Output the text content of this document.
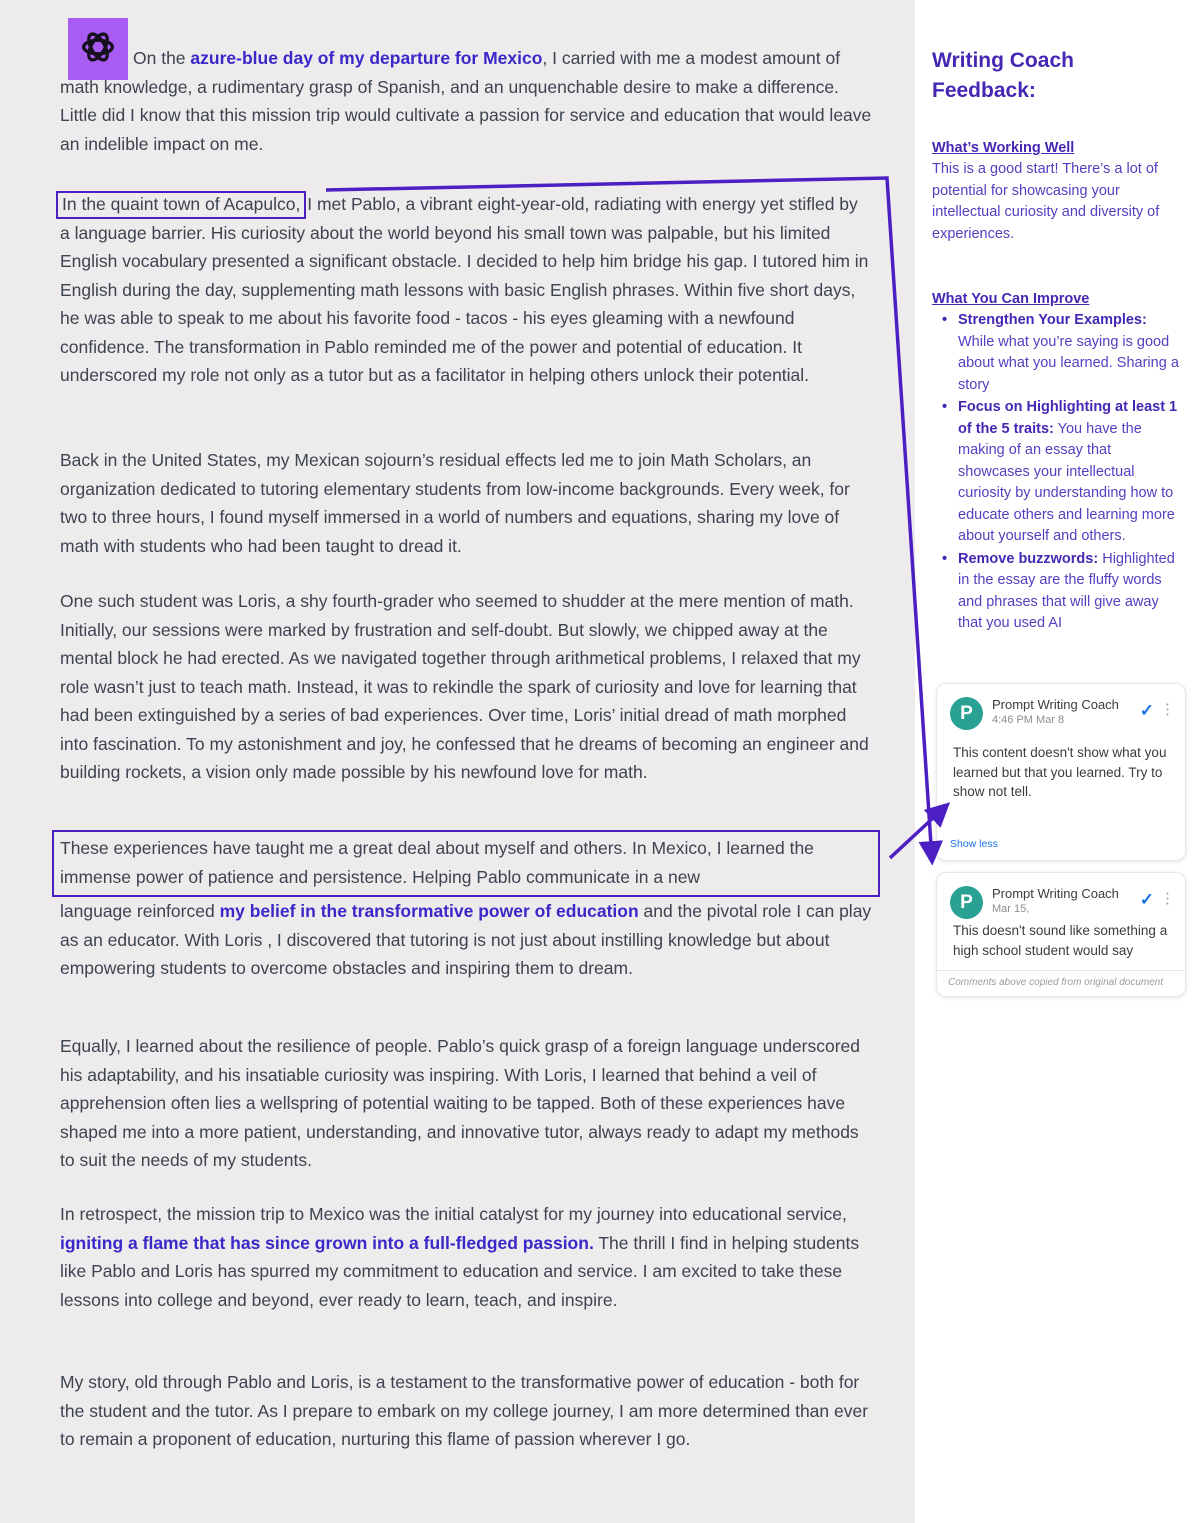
On the azure-blue day of my departure for Mexico, I carried with me a modest amount of math knowledge, a rudimentary grasp of Spanish, and an unquenchable desire to make a difference. Little did I know that this mission trip would cultivate a passion for service and education that would leave an indelible impact on me.
In the quaint town of Acapulco, I met Pablo, a vibrant eight-year-old, radiating with energy yet stifled by a language barrier. His curiosity about the world beyond his small town was palpable, but his limited English vocabulary presented a significant obstacle. I decided to help him bridge his gap. I tutored him in English during the day, supplementing math lessons with basic English phrases. Within five short days, he was able to speak to me about his favorite food - tacos - his eyes gleaming with a newfound confidence. The transformation in Pablo reminded me of the power and potential of education. It underscored my role not only as a tutor but as a facilitator in helping others unlock their potential.
Back in the United States, my Mexican sojourn’s residual effects led me to join Math Scholars, an organization dedicated to tutoring elementary students from low-income backgrounds. Every week, for two to three hours, I found myself immersed in a world of numbers and equations, sharing my love of math with students who had been taught to dread it.
One such student was Loris, a shy fourth-grader who seemed to shudder at the mere mention of math. Initially, our sessions were marked by frustration and self-doubt. But slowly, we chipped away at the mental block he had erected. As we navigated together through arithmetical problems, I relaxed that my role wasn’t just to teach math. Instead, it was to rekindle the spark of curiosity and love for learning that had been extinguished by a series of bad experiences. Over time, Loris’ initial dread of math morphed into fascination. To my astonishment and joy, he confessed that he dreams of becoming an engineer and building rockets, a vision only made possible by his newfound love for math.
These experiences have taught me a great deal about myself and others. In Mexico, I learned the immense power of patience and persistence. Helping Pablo communicate in a new
language reinforced my belief in the transformative power of education and the pivotal role I can play as an educator. With Loris , I discovered that tutoring is not just about instilling knowledge but about empowering students to overcome obstacles and inspiring them to dream.
Equally, I learned about the resilience of people. Pablo’s quick grasp of a foreign language underscored his adaptability, and his insatiable curiosity was inspiring. With Loris, I learned that behind a veil of apprehension often lies a wellspring of potential waiting to be tapped. Both of these experiences have shaped me into a more patient, understanding, and innovative tutor, always ready to adapt my methods to suit the needs of my students.
In retrospect, the mission trip to Mexico was the initial catalyst for my journey into educational service, igniting a flame that has since grown into a full-fledged passion. The thrill I find in helping students like Pablo and Loris has spurred my commitment to education and service. I am excited to take these lessons into college and beyond, ever ready to learn, teach, and inspire.
My story, old through Pablo and Loris, is a testament to the transformative power of education - both for the student and the tutor. As I prepare to embark on my college journey, I am more determined than ever to remain a proponent of education, nurturing this flame of passion wherever I go.
Writing Coach
Feedback:
What’s Working Well
This is a good start! There’s a lot of potential for showcasing your intellectual curiosity and diversity of experiences.
What You Can Improve
• Strengthen Your Examples: While what you’re saying is good about what you learned. Sharing a story
• Focus on Highlighting at least 1 of the 5 traits: You have the making of an essay that showcases your intellectual curiosity by understanding how to educate others and learning more about yourself and others.
• Remove buzzwords: Highlighted in the essay are the fluffy words and phrases that will give away that you used AI
P	Prompt Writing Coach
4:46 PM Mar 8	✓ ⋮
This content doesn't show what you learned but that you learned. Try to show not tell.
Show less
P	Prompt Writing Coach
Mar 15,	✓ ⋮
This doesn't sound like something a high school student would say
Comments above copied from original document
